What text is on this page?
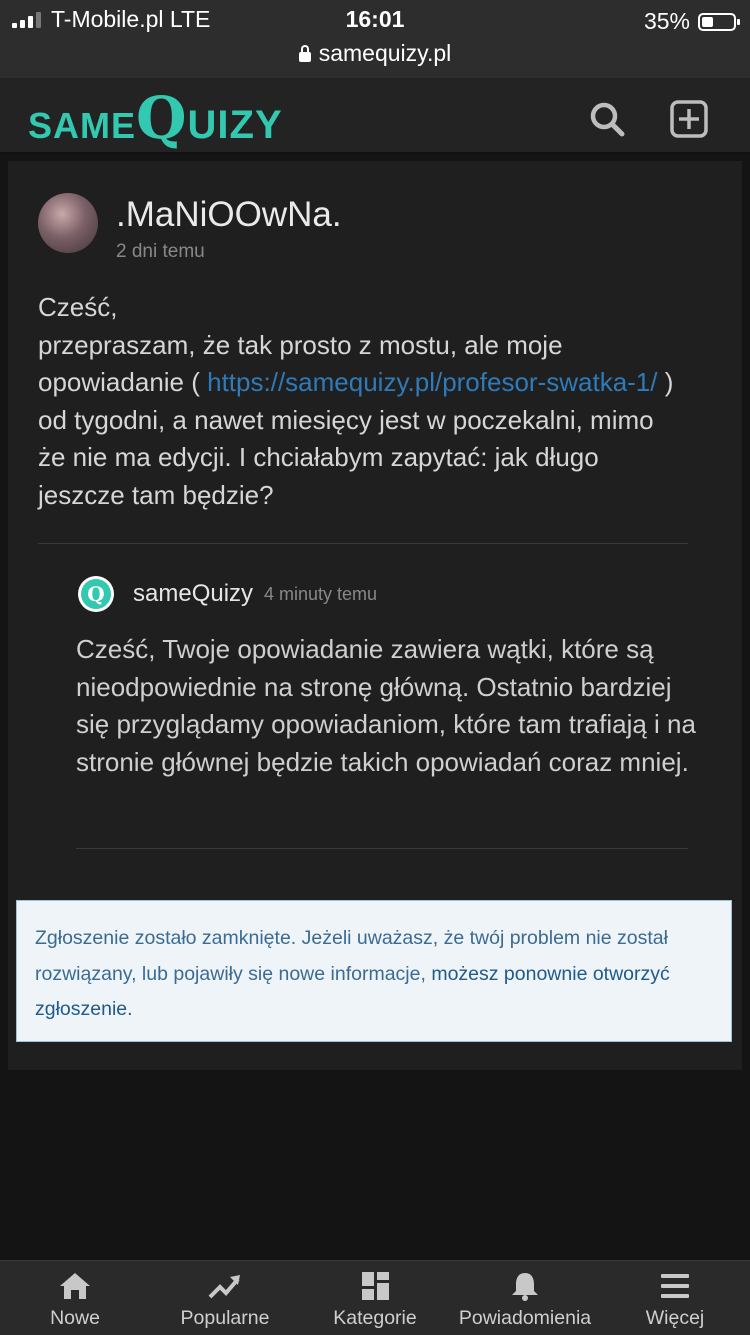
T-Mobile.pl LTE	16:01	35%
samequizy.pl
SAMEQUIZY
.MaNiOOwNa.
2 dni temu
Cześć,
przepraszam, że tak prosto z mostu, ale moje opowiadanie ( https://samequizy.pl/profesor-swatka-1/ ) od tygodni, a nawet miesięcy jest w poczekalni, mimo że nie ma edycji. I chciałabym zapytać: jak długo jeszcze tam będzie?
Q sameQuizy 4 minuty temu
Cześć, Twoje opowiadanie zawiera wątki, które są nieodpowiednie na stronę główną. Ostatnio bardziej się przyglądamy opowiadaniom, które tam trafiają i na stronie głównej będzie takich opowiadań coraz mniej.
Zgłoszenie zostało zamknięte. Jeżeli uważasz, że twój problem nie został rozwiązany, lub pojawiły się nowe informacje, możesz ponownie otworzyć zgłoszenie.
Nowe	Popularne	Kategorie	Powiadomienia	Więcej
